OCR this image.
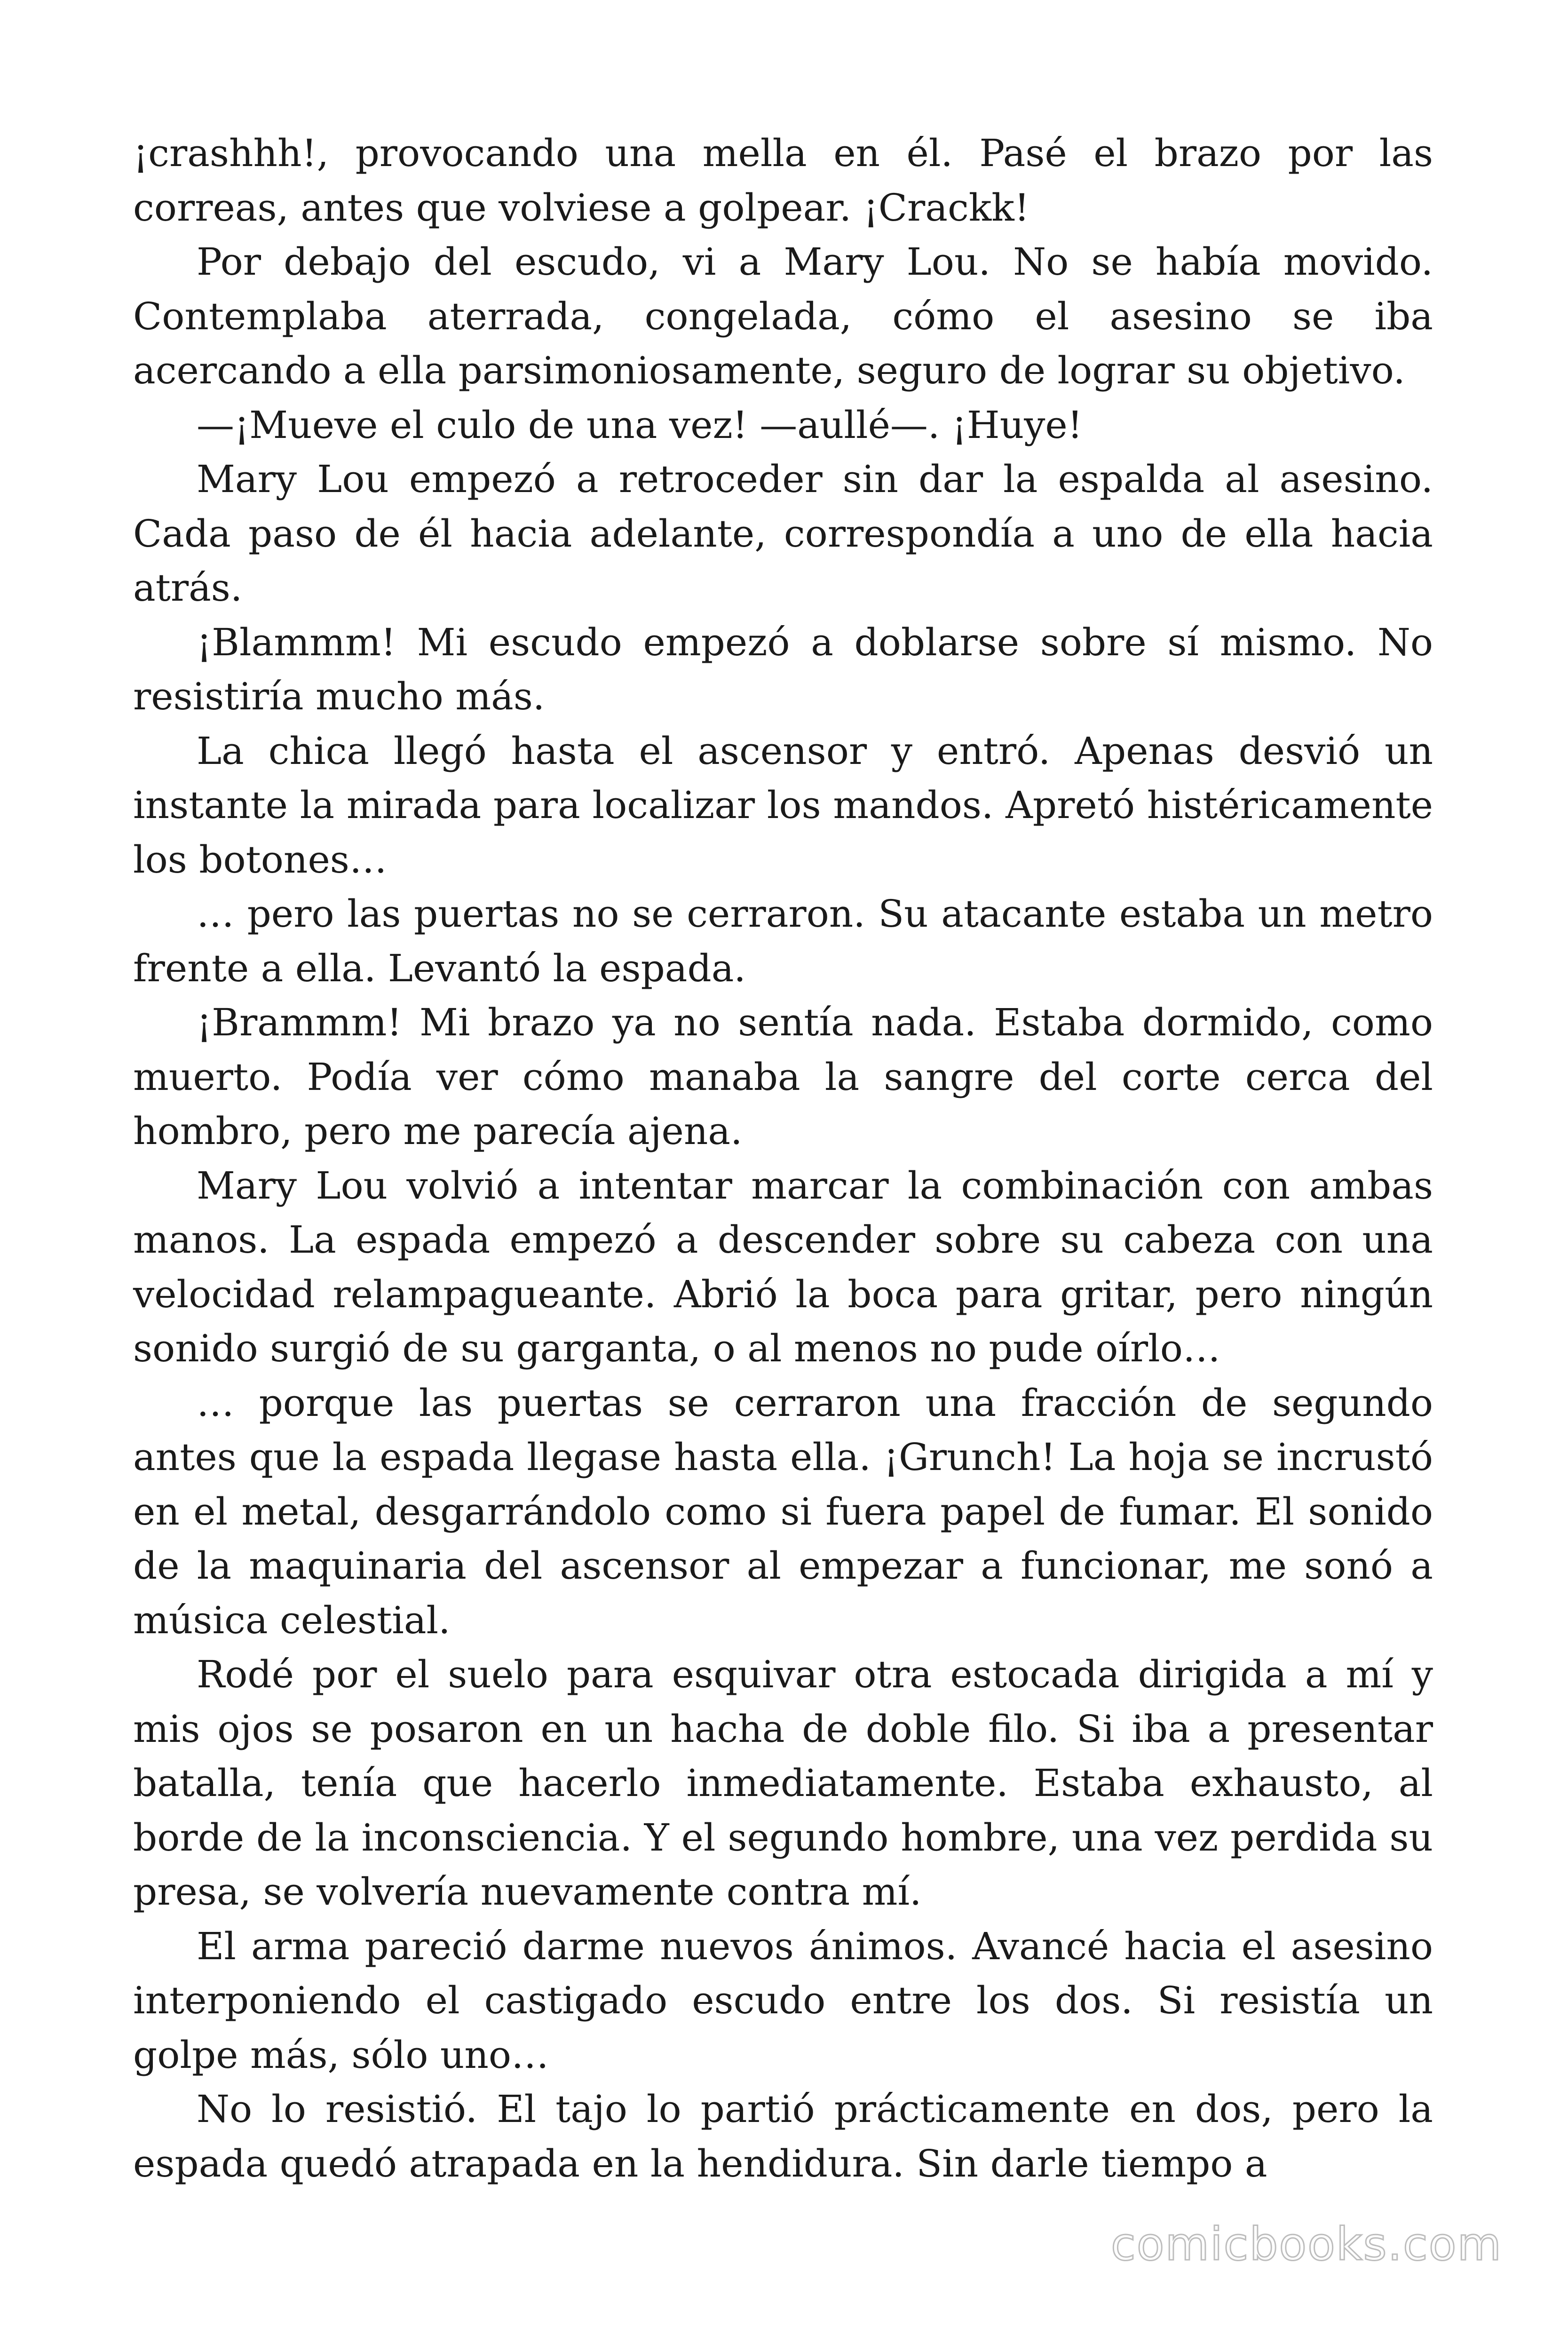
¡crashhh!, provocando una mella en él. Pasé el brazo por las correas, antes que volviese a golpear. ¡Crackk!

Por debajo del escudo, vi a Mary Lou. No se había movido. Contemplaba aterrada, congelada, cómo el asesino se iba acercando a ella parsimoniosamente, seguro de lograr su objetivo.

—¡Mueve el culo de una vez! —aullé—. ¡Huye!

Mary Lou empezó a retroceder sin dar la espalda al asesino. Cada paso de él hacia adelante, correspondía a uno de ella hacia atrás.

¡Blammm! Mi escudo empezó a doblarse sobre sí mismo. No resistiría mucho más.

La chica llegó hasta el ascensor y entró. Apenas desvió un instante la mirada para localizar los mandos. Apretó histéricamente los botones…

… pero las puertas no se cerraron. Su atacante estaba un metro frente a ella. Levantó la espada.

¡Brammm! Mi brazo ya no sentía nada. Estaba dormido, como muerto. Podía ver cómo manaba la sangre del corte cerca del hombro, pero me parecía ajena.

Mary Lou volvió a intentar marcar la combinación con ambas manos. La espada empezó a descender sobre su cabeza con una velocidad relampagueante. Abrió la boca para gritar, pero ningún sonido surgió de su garganta, o al menos no pude oírlo…

… porque las puertas se cerraron una fracción de segundo antes que la espada llegase hasta ella. ¡Grunch! La hoja se incrustó en el metal, desgarrándolo como si fuera papel de fumar. El sonido de la maquinaria del ascensor al empezar a funcionar, me sonó a música celestial.

Rodé por el suelo para esquivar otra estocada dirigida a mí y mis ojos se posaron en un hacha de doble filo. Si iba a presentar batalla, tenía que hacerlo inmediatamente. Estaba exhausto, al borde de la inconsciencia. Y el segundo hombre, una vez perdida su presa, se volvería nuevamente contra mí.

El arma pareció darme nuevos ánimos. Avancé hacia el asesino interponiendo el castigado escudo entre los dos. Si resistía un golpe más, sólo uno…

No lo resistió. El tajo lo partió prácticamente en dos, pero la espada quedó atrapada en la hendidura. Sin darle tiempo a

comicbooks.com
